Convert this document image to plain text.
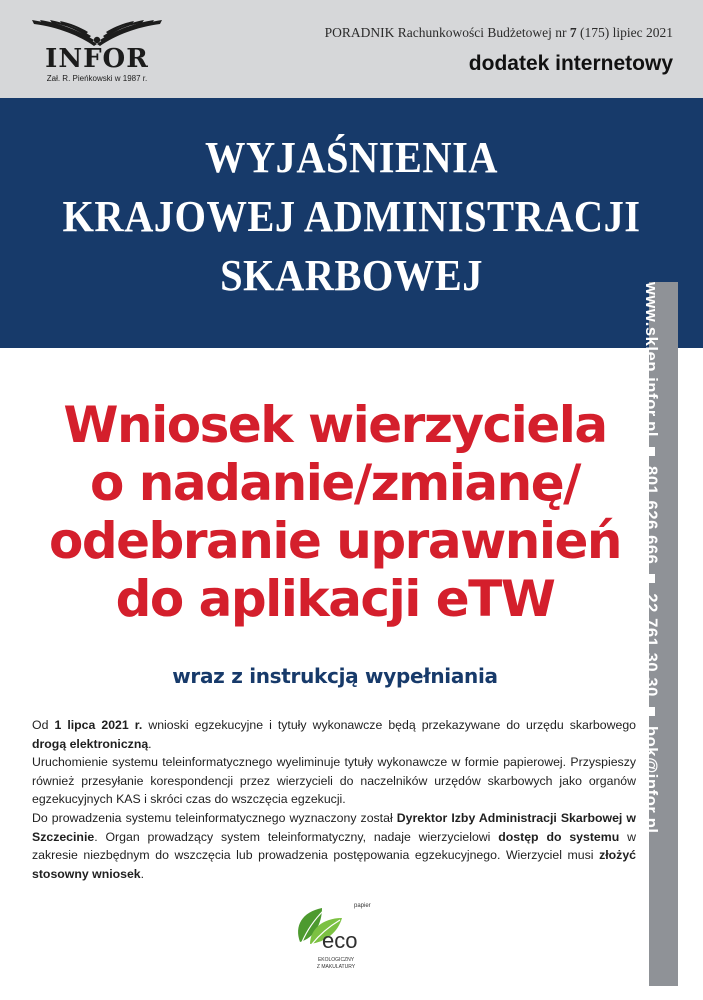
INFOR
Zał. R. Pieńkowski w 1987 r.
PORADNIK Rachunkowości Budżetowej nr 7 (175) lipiec 2021
dodatek internetowy
WYJAŚNIENIA
KRAJOWEJ ADMINISTRACJI
SKARBOWEJ
www.sklep.infor.pl
801 626 666
22 761 30 30
bok@infor.pl
Wniosek wierzyciela
o nadanie/zmianę/
odebranie uprawnień
do aplikacji eTW
wraz z instrukcją wypełniania

Od 1 lipca 2021 r. wnioski egzekucyjne i tytuły wykonawcze będą przekazywane do urzędu skarbowego drogą elektroniczną.

Uruchomienie systemu teleinformatycznego wyeliminuje tytuły wykonawcze w formie papierowej. Przyspieszy również przesyłanie korespondencji przez wierzycieli do naczelników urzędów skarbowych jako organów egzekucyjnych KAS i skróci czas do wszczęcia egzekucji.

Do prowadzenia systemu teleinformatycznego wyznaczony został Dyrektor Izby Administracji Skarbowej w Szczecinie. Organ prowadzący system teleinformatyczny, nadaje wierzycielowi dostęp do systemu w zakresie niezbędnym do wszczęcia lub prowadzenia postępowania egzekucyjnego. Wierzyciel musi złożyć stosowny wniosek.

papier
eco
EKOLOGICZNY
Z MAKULATURY
